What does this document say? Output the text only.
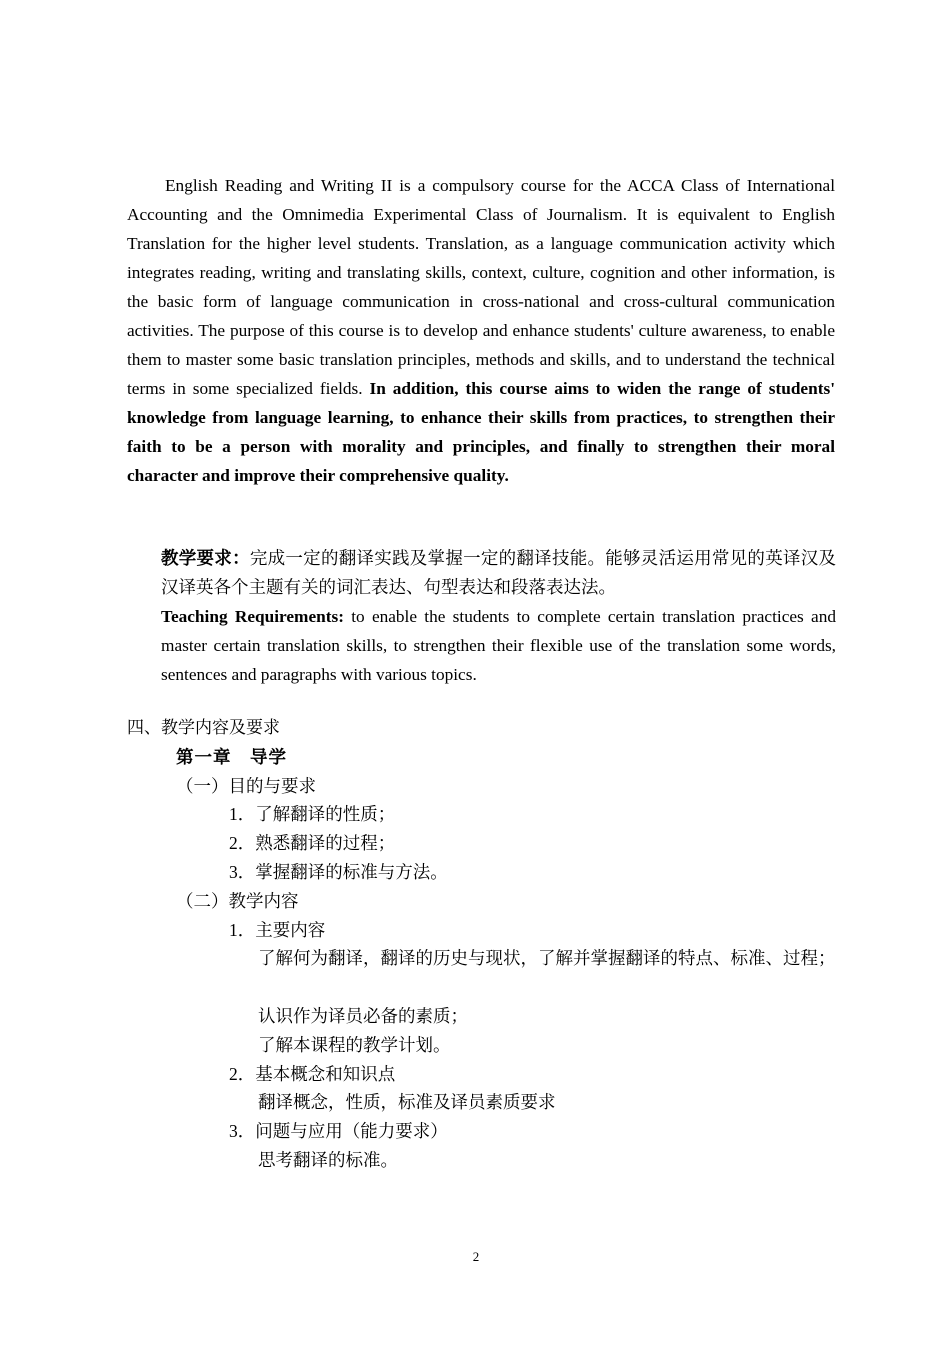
English Reading and Writing II is a compulsory course for the ACCA Class of International Accounting and the Omnimedia Experimental Class of Journalism. It is equivalent to English Translation for the higher level students. Translation, as a language communication activity which integrates reading, writing and translating skills, context, culture, cognition and other information, is the basic form of language communication in cross-national and cross-cultural communication activities. The purpose of this course is to develop and enhance students' culture awareness, to enable them to master some basic translation principles, methods and skills, and to understand the technical terms in some specialized fields. In addition, this course aims to widen the range of students' knowledge from language learning, to enhance their skills from practices, to strengthen their faith to be a person with morality and principles, and finally to strengthen their moral character and improve their comprehensive quality.

教学要求：完成一定的翻译实践及掌握一定的翻译技能。能够灵活运用常见的英译汉及汉译英各个主题有关的词汇表达、句型表达和段落表达法。
Teaching Requirements: to enable the students to complete certain translation practices and master certain translation skills, to strengthen their flexible use of the translation some words, sentences and paragraphs with various topics.
四、教学内容及要求
第一章　导学
（一）目的与要求
1．了解翻译的性质；
2．熟悉翻译的过程；
3．掌握翻译的标准与方法。
（二）教学内容
1．主要内容
了解何为翻译，翻译的历史与现状，了解并掌握翻译的特点、标准、过程；
认识作为译员必备的素质；
了解本课程的教学计划。
2．基本概念和知识点
翻译概念，性质，标准及译员素质要求
3．问题与应用（能力要求）
思考翻译的标准。
2
